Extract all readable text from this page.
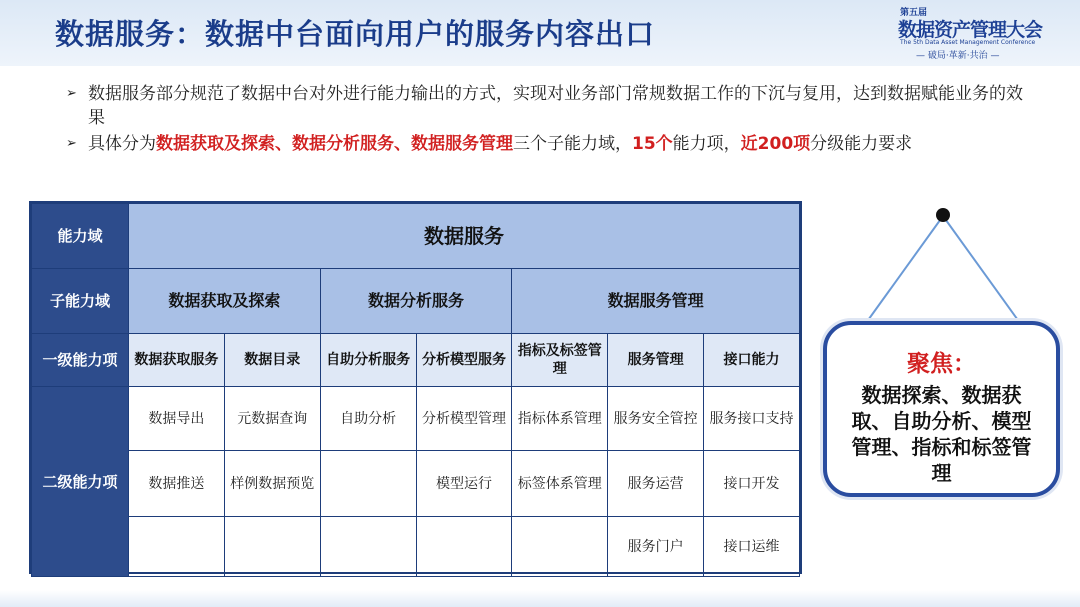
数据服务：数据中台面向用户的服务内容出口
第五届
数据资产管理大会
The 5th Data Asset Management Conference
— 破局·革新·共治 —
➢ 数据服务部分规范了数据中台对外进行能力输出的方式，实现对业务部门常规数据工作的下沉与复用，达到数据赋能业务的效果
➢ 具体分为数据获取及探索、数据分析服务、数据服务管理三个子能力域，15个能力项，近200项分级能力要求
能力域	数据服务						
子能力域	数据获取及探索		数据分析服务		数据服务管理		
一级能力项	数据获取服务	数据目录	自助分析服务	分析模型服务	指标及标签管理	服务管理	接口能力
二级能力项	数据导出	元数据查询	自助分析	分析模型管理	指标体系管理	服务安全管控	服务接口支持
	数据推送	样例数据预览		模型运行	标签体系管理	服务运营	接口开发
						服务门户	接口运维
聚焦：
数据探索、数据获取、自助分析、模型管理、指标和标签管理
